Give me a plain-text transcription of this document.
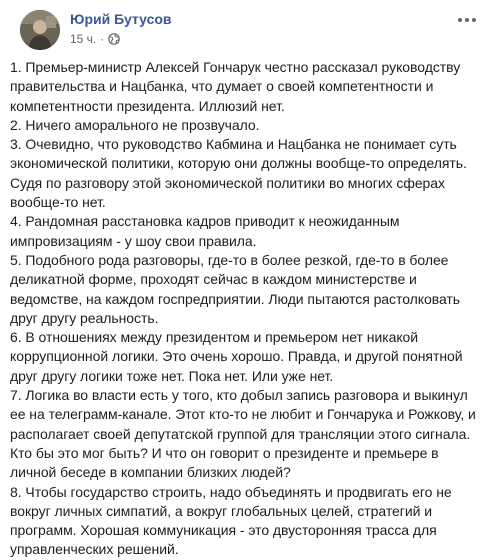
Юрий Бутусов
15 ч. ·

1. Премьер-министр Алексей Гончарук честно рассказал руководству
правительства и Нацбанка, что думает о своей компетентности и
компетентности президента. Иллюзий нет.

2. Ничего аморального не прозвучало.

3. Очевидно, что руководство Кабмина и Нацбанка не понимает суть
экономической политики, которую они должны вообще-то определять.
Судя по разговору этой экономической политики во многих сферах
вообще-то нет.

4. Рандомная расстановка кадров приводит к неожиданным
импровизациям - у шоу свои правила.

5. Подобного рода разговоры, где-то в более резкой, где-то в более
деликатной форме, проходят сейчас в каждом министерстве и
ведомстве, на каждом госпредприятии. Люди пытаются растолковать
друг другу реальность.

6. В отношениях между президентом и премьером нет никакой
коррупционной логики. Это очень хорошо. Правда, и другой понятной
друг другу логики тоже нет. Пока нет. Или уже нет.

7. Логика во власти есть у того, кто добыл запись разговора и выкинул
ее на телеграмм-канале. Этот кто-то не любит и Гончарука и Рожкову, и
располагает своей депутатской группой для трансляции этого сигнала.
Кто бы это мог быть? И что он говорит о президенте и премьере в
личной беседе в компании близких людей?

8. Чтобы государство строить, надо объединять и продвигать его не
вокруг личных симпатий, а вокруг глобальных целей, стратегий и
программ. Хорошая коммуникация - это двусторонняя трасса для
управленческих решений.
